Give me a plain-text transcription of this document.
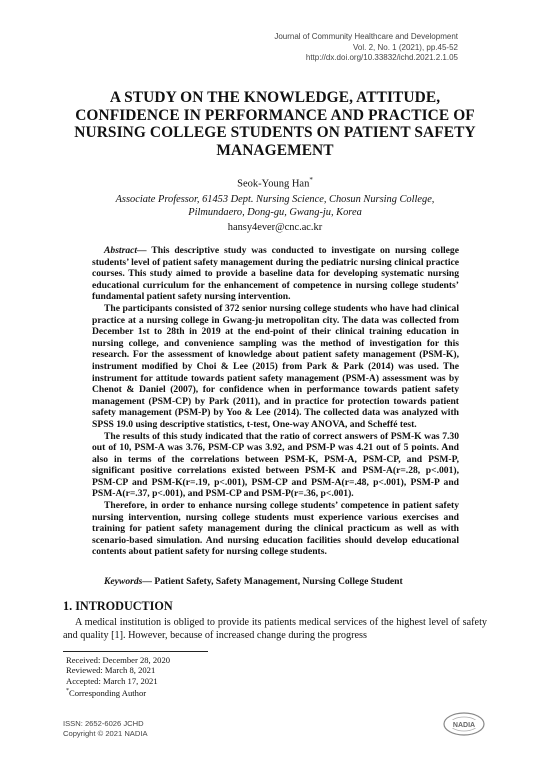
Journal of Community Healthcare and Development
Vol. 2, No. 1 (2021), pp.45-52
http://dx.doi.org/10.33832/ichd.2021.2.1.05
A STUDY ON THE KNOWLEDGE, ATTITUDE, CONFIDENCE IN PERFORMANCE AND PRACTICE OF NURSING COLLEGE STUDENTS ON PATIENT SAFETY MANAGEMENT
Seok-Young Han*
Associate Professor, 61453 Dept. Nursing Science, Chosun Nursing College,
Pilmundaero, Dong-gu, Gwang-ju, Korea
hansy4ever@cnc.ac.kr

Abstract— This descriptive study was conducted to investigate on nursing college students’ level of patient safety management during the pediatric nursing clinical practice courses. This study aimed to provide a baseline data for developing systematic nursing educational curriculum for the enhancement of competence in nursing college students’ fundamental patient safety nursing intervention.

The participants consisted of 372 senior nursing college students who have had clinical practice at a nursing college in Gwang-ju metropolitan city. The data was collected from December 1st to 28th in 2019 at the end-point of their clinical training education in nursing college, and convenience sampling was the method of investigation for this research. For the assessment of knowledge about patient safety management (PSM-K), instrument modified by Choi & Lee (2015) from Park & Park (2014) was used. The instrument for attitude towards patient safety management (PSM-A) assessment was by Chenot & Daniel (2007), for confidence when in performance towards patient safety management (PSM-CP) by Park (2011), and in practice for protection towards patient safety management (PSM-P) by Yoo & Lee (2014). The collected data was analyzed with SPSS 19.0 using descriptive statistics, t-test, One-way ANOVA, and Scheffé test.

The results of this study indicated that the ratio of correct answers of PSM-K was 7.30 out of 10, PSM-A was 3.76, PSM-CP was 3.92, and PSM-P was 4.21 out of 5 points. And also in terms of the correlations between PSM-K, PSM-A, PSM-CP, and PSM-P, significant positive correlations existed between PSM-K and PSM-A(r=.28, p<.001), PSM-CP and PSM-K(r=.19, p<.001), PSM-CP and PSM-A(r=.48, p<.001), PSM-P and PSM-A(r=.37, p<.001), and PSM-CP and PSM-P(r=.36, p<.001).

Therefore, in order to enhance nursing college students’ competence in patient safety nursing intervention, nursing college students must experience various exercises and training for patient safety management during the clinical practicum as well as with scenario-based simulation. And nursing education facilities should develop educational contents about patient safety for nursing college students.

Keywords— Patient Safety, Safety Management, Nursing College Student
1. INTRODUCTION

A medical institution is obliged to provide its patients medical services of the highest level of safety and quality [1]. However, because of increased change during the progress

Received: December 28, 2020
Reviewed: March 8, 2021
Accepted: March 17, 2021
*Corresponding Author
ISSN: 2652-6026 JCHD
Copyright © 2021 NADIA
NADIA
